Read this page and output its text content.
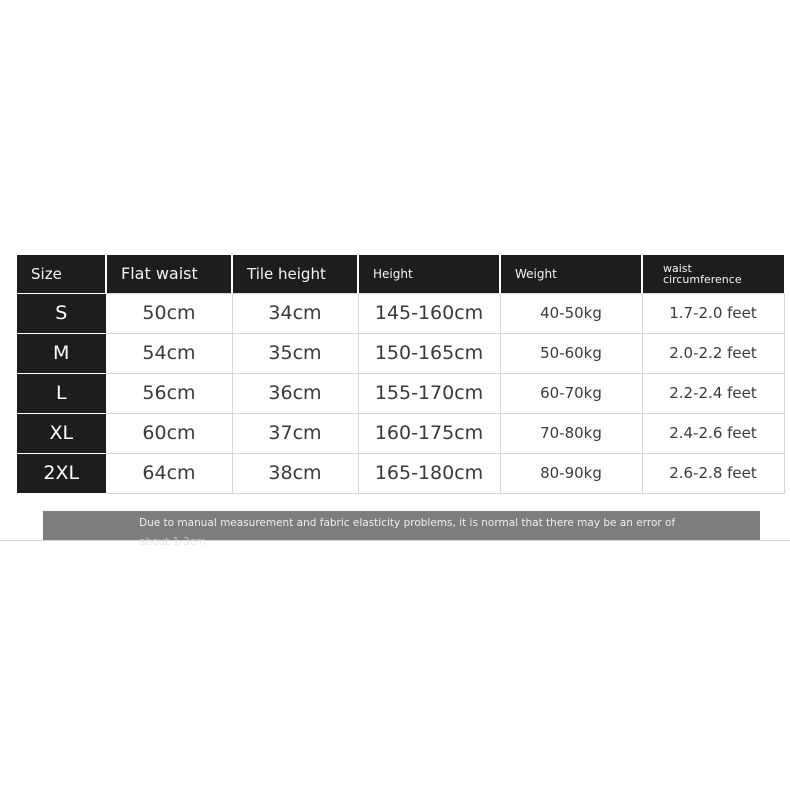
Size	Flat waist	Tile height	Height	Weight	waist
circumference

S	50cm	34cm	145-160cm	40-50kg	1.7-2.0 feet
M	54cm	35cm	150-165cm	50-60kg	2.0-2.2 feet
L	56cm	36cm	155-170cm	60-70kg	2.2-2.4 feet
XL	60cm	37cm	160-175cm	70-80kg	2.4-2.6 feet
2XL	64cm	38cm	165-180cm	80-90kg	2.6-2.8 feet
Due to manual measurement and fabric elasticity problems, it is normal that there may be an error of
about 1-3cm
